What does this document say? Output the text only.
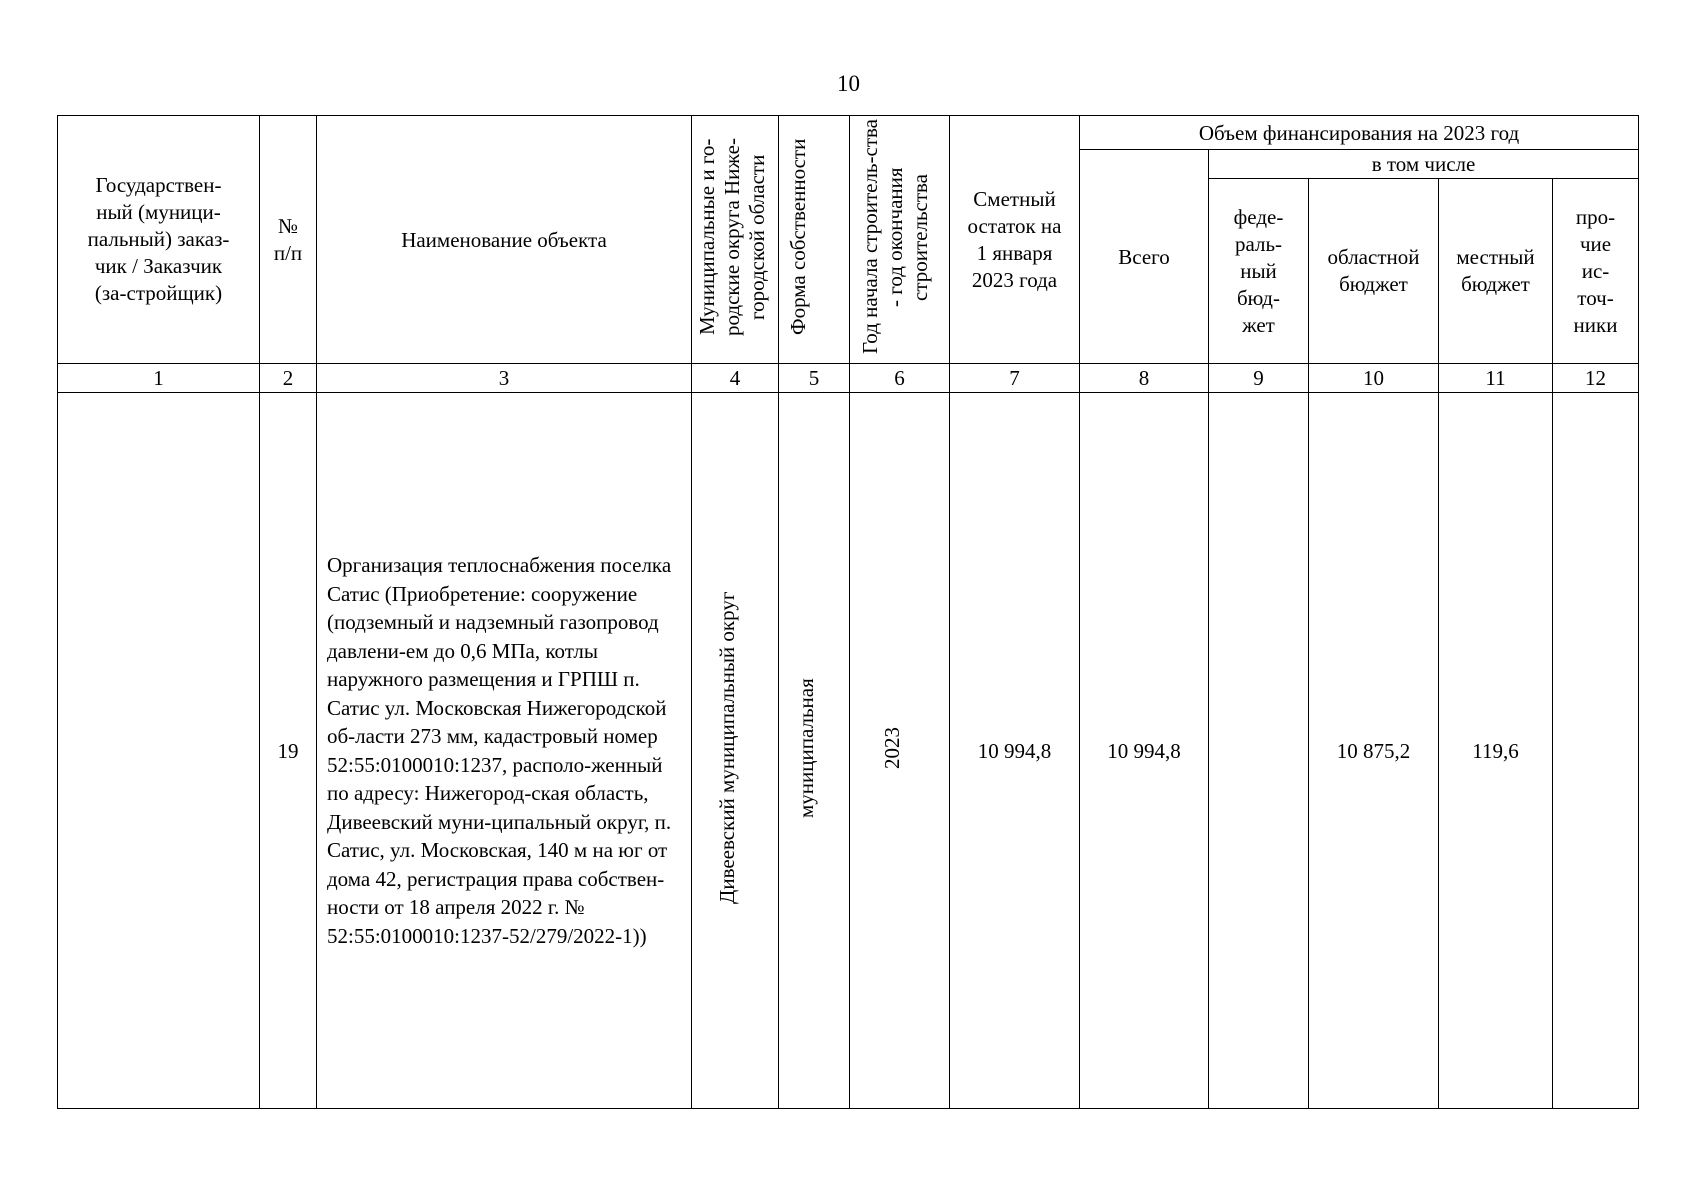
10
Государствен-ный (муници-пальный) заказ-чик / Заказчик (за-стройщик)	№ п/п	Наименование объекта	Муниципальные и го-родские округа Ниже-городской области	Форма собственности	Год начала строитель-ства - год окончания строительства	Сметный остаток на 1 января 2023 года	Объем финансирования на 2023 год				
							Всего	в том числе			

								феде-раль-ный бюд-жет	областной бюджет	местный бюджет	про-чие ис-точ-ники

1	2	3	4	5	6	7	8	9	10	11	12
	19	Организация теплоснабжения поселка Сатис (Приобретение: сооружение (подземный и надземный газопровод давлени-ем до 0,6 МПа, котлы наружного размещения и ГРПШ п. Сатис ул. Московская Нижегородской об-ласти 273 мм, кадастровый номер 52:55:0100010:1237, располо-женный по адресу: Нижегород-ская область, Дивеевский муни-ципальный округ, п. Сатис, ул. Московская, 140 м на юг от дома 42, регистрация права собствен-ности от 18 апреля 2022 г. № 52:55:0100010:1237-52/279/2022-1))	Дивеевский муниципальный округ	муниципальная	2023	10 994,8	10 994,8		10 875,2	119,6	
